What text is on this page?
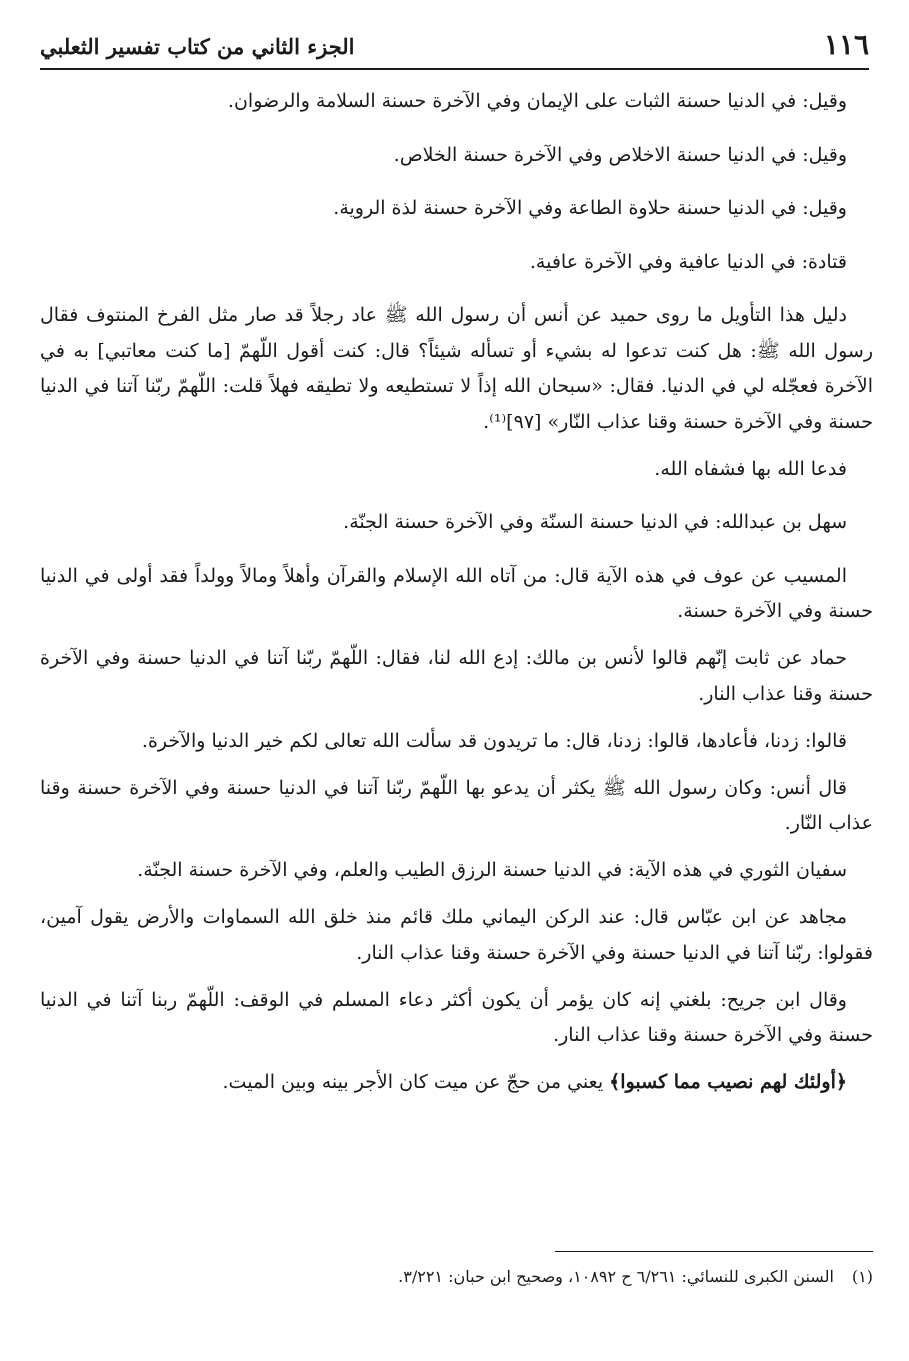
١١٦
الجزء الثاني من كتاب تفسير الثعلبي

وقيل: في الدنيا حسنة الثبات على الإيمان وفي الآخرة حسنة السلامة والرضوان.

وقيل: في الدنيا حسنة الاخلاص وفي الآخرة حسنة الخلاص.

وقيل: في الدنيا حسنة حلاوة الطاعة وفي الآخرة حسنة لذة الروية.

قتادة: في الدنيا عافية وفي الآخرة عافية.

دليل هذا التأويل ما روى حميد عن أنس أن رسول الله ﷺ عاد رجلاً قد صار مثل الفرخ المنتوف فقال رسول الله ﷺ: هل كنت تدعوا له بشيء أو تسأله شيئاً؟ قال: كنت أقول اللّهمّ [ما كنت معاتبي] به في الآخرة فعجّله لي في الدنيا. فقال: «سبحان الله إذاً لا تستطيعه ولا تطيقه فهلاً قلت: اللّهمّ ربّنا آتنا في الدنيا حسنة وفي الآخرة حسنة وقنا عذاب النّار» [٩٧]⁽¹⁾.

فدعا الله بها فشفاه الله.

سهل بن عبدالله: في الدنيا حسنة السنّة وفي الآخرة حسنة الجنّة.

المسيب عن عوف في هذه الآية قال: من آتاه الله الإسلام والقرآن وأهلاً ومالاً وولداً فقد أولى في الدنيا حسنة وفي الآخرة حسنة.

حماد عن ثابت إنّهم قالوا لأنس بن مالك: إدع الله لنا، فقال: اللّهمّ ربّنا آتنا في الدنيا حسنة وفي الآخرة حسنة وقنا عذاب النار.

قالوا: زدنا، فأعادها، قالوا: زدنا، قال: ما تريدون قد سألت الله تعالى لكم خير الدنيا والآخرة.

قال أنس: وكان رسول الله ﷺ يكثر أن يدعو بها اللّهمّ ربّنا آتنا في الدنيا حسنة وفي الآخرة حسنة وقنا عذاب النّار.

سفيان الثوري في هذه الآية: في الدنيا حسنة الرزق الطيب والعلم، وفي الآخرة حسنة الجنّة.

مجاهد عن ابن عبّاس قال: عند الركن اليماني ملك قائم منذ خلق الله السماوات والأرض يقول آمين، فقولوا: ربّنا آتنا في الدنيا حسنة وفي الآخرة حسنة وقنا عذاب النار.

وقال ابن جريح: بلغني إنه كان يؤمر أن يكون أكثر دعاء المسلم في الوقف: اللّهمّ ربنا آتنا في الدنيا حسنة وفي الآخرة حسنة وقنا عذاب النار.

﴿أولئك لهم نصيب مما كسبوا﴾ يعني من حجّ عن ميت كان الأجر بينه وبين الميت.

(١)السنن الكبرى للنسائي: ٦/٢٦١ ح ١٠٨٩٢، وصحيح ابن حبان: ٣/٢٢١.
